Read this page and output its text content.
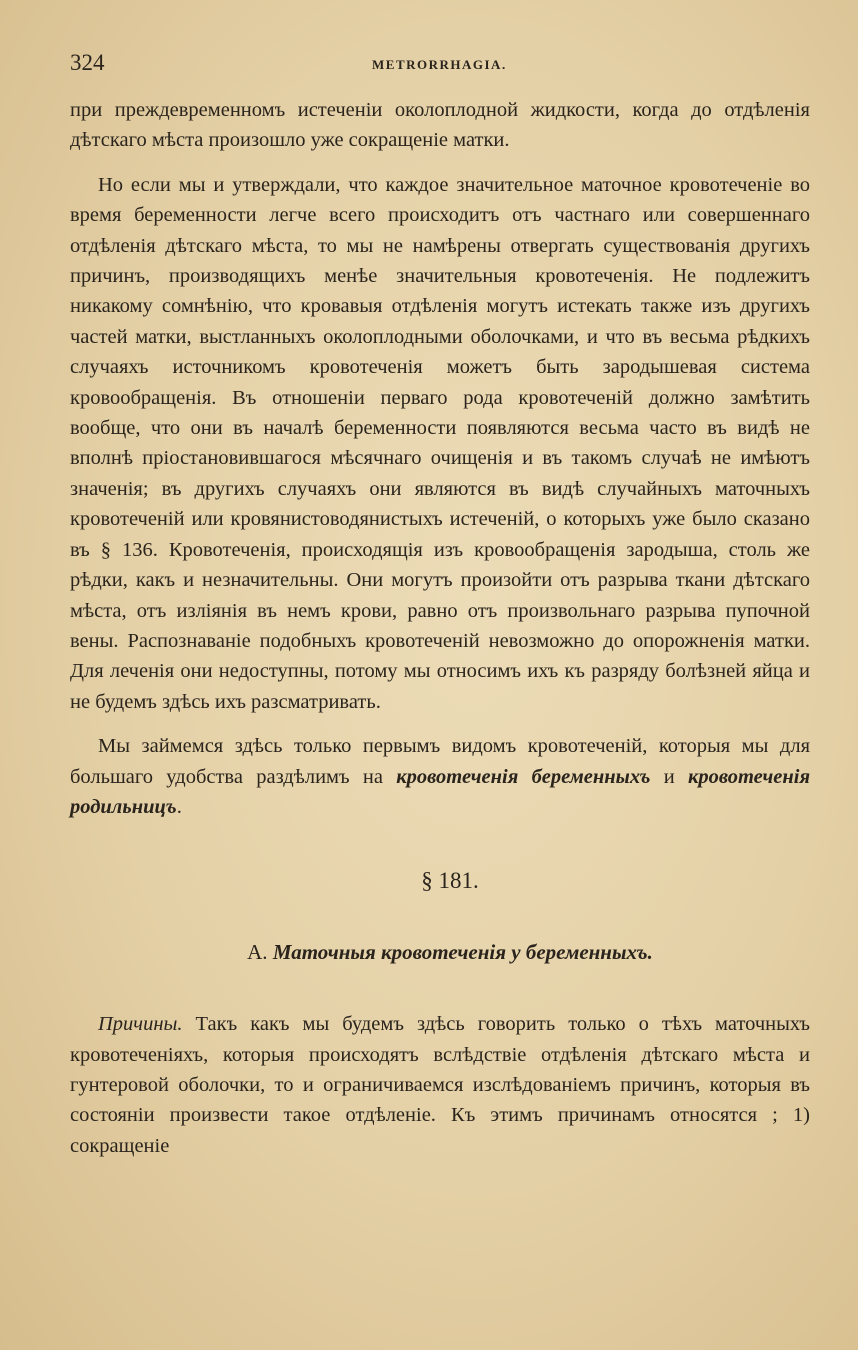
324	METRORRHAGIA.

при преждевременномъ истеченіи околоплодной жидкости, когда до отдѣленія дѣтскаго мѣста произошло уже сокращеніе матки.

Но если мы и утверждали, что каждое значительное маточное кровотеченіе во время беременности легче всего происходитъ отъ частнаго или совершеннаго отдѣленія дѣтскаго мѣста, то мы не намѣрены отвергать существованія другихъ причинъ, производящихъ менѣе значительныя кровотеченія. Не подлежитъ никакому сомнѣнію, что кровавыя отдѣленія могутъ истекать также изъ другихъ частей матки, выстланныхъ околоплодными оболочками, и что въ весьма рѣдкихъ случаяхъ источникомъ кровотеченія можетъ быть зародышевая система кровообращенія. Въ отношеніи перваго рода кровотеченій должно замѣтить вообще, что они въ началѣ беременности появляются весьма часто въ видѣ не вполнѣ пріостановившагося мѣсячнаго очищенія и въ такомъ случаѣ не имѣютъ значенія; въ другихъ случаяхъ они являются въ видѣ случайныхъ маточныхъ кровотеченій или кровянистоводянистыхъ истеченій, о которыхъ уже было сказано въ § 136. Кровотеченія, происходящія изъ кровообращенія зародыша, столь же рѣдки, какъ и незначительны. Они могутъ произойти отъ разрыва ткани дѣтскаго мѣста, отъ изліянія въ немъ крови, равно отъ произвольнаго разрыва пупочной вены. Распознаваніе подобныхъ кровотеченій невозможно до опорожненія матки. Для леченія они недоступны, потому мы относимъ ихъ къ разряду болѣзней яйца и не будемъ здѣсь ихъ разсматривать.

Мы займемся здѣсь только первымъ видомъ кровотеченій, которыя мы для большаго удобства раздѣлимъ на кровотеченія беременныхъ и кровотеченія родильницъ.

§ 181.
А. Маточныя кровотеченія у беременныхъ.

Причины. Такъ какъ мы будемъ здѣсь говорить только о тѣхъ маточныхъ кровотеченіяхъ, которыя происходятъ вслѣдствіе отдѣленія дѣтскаго мѣста и гунтеровой оболочки, то и ограничиваемся изслѣдованіемъ причинъ, которыя въ состояніи произвести такое отдѣленіе. Къ этимъ причинамъ относятся ; 1) сокращеніе
